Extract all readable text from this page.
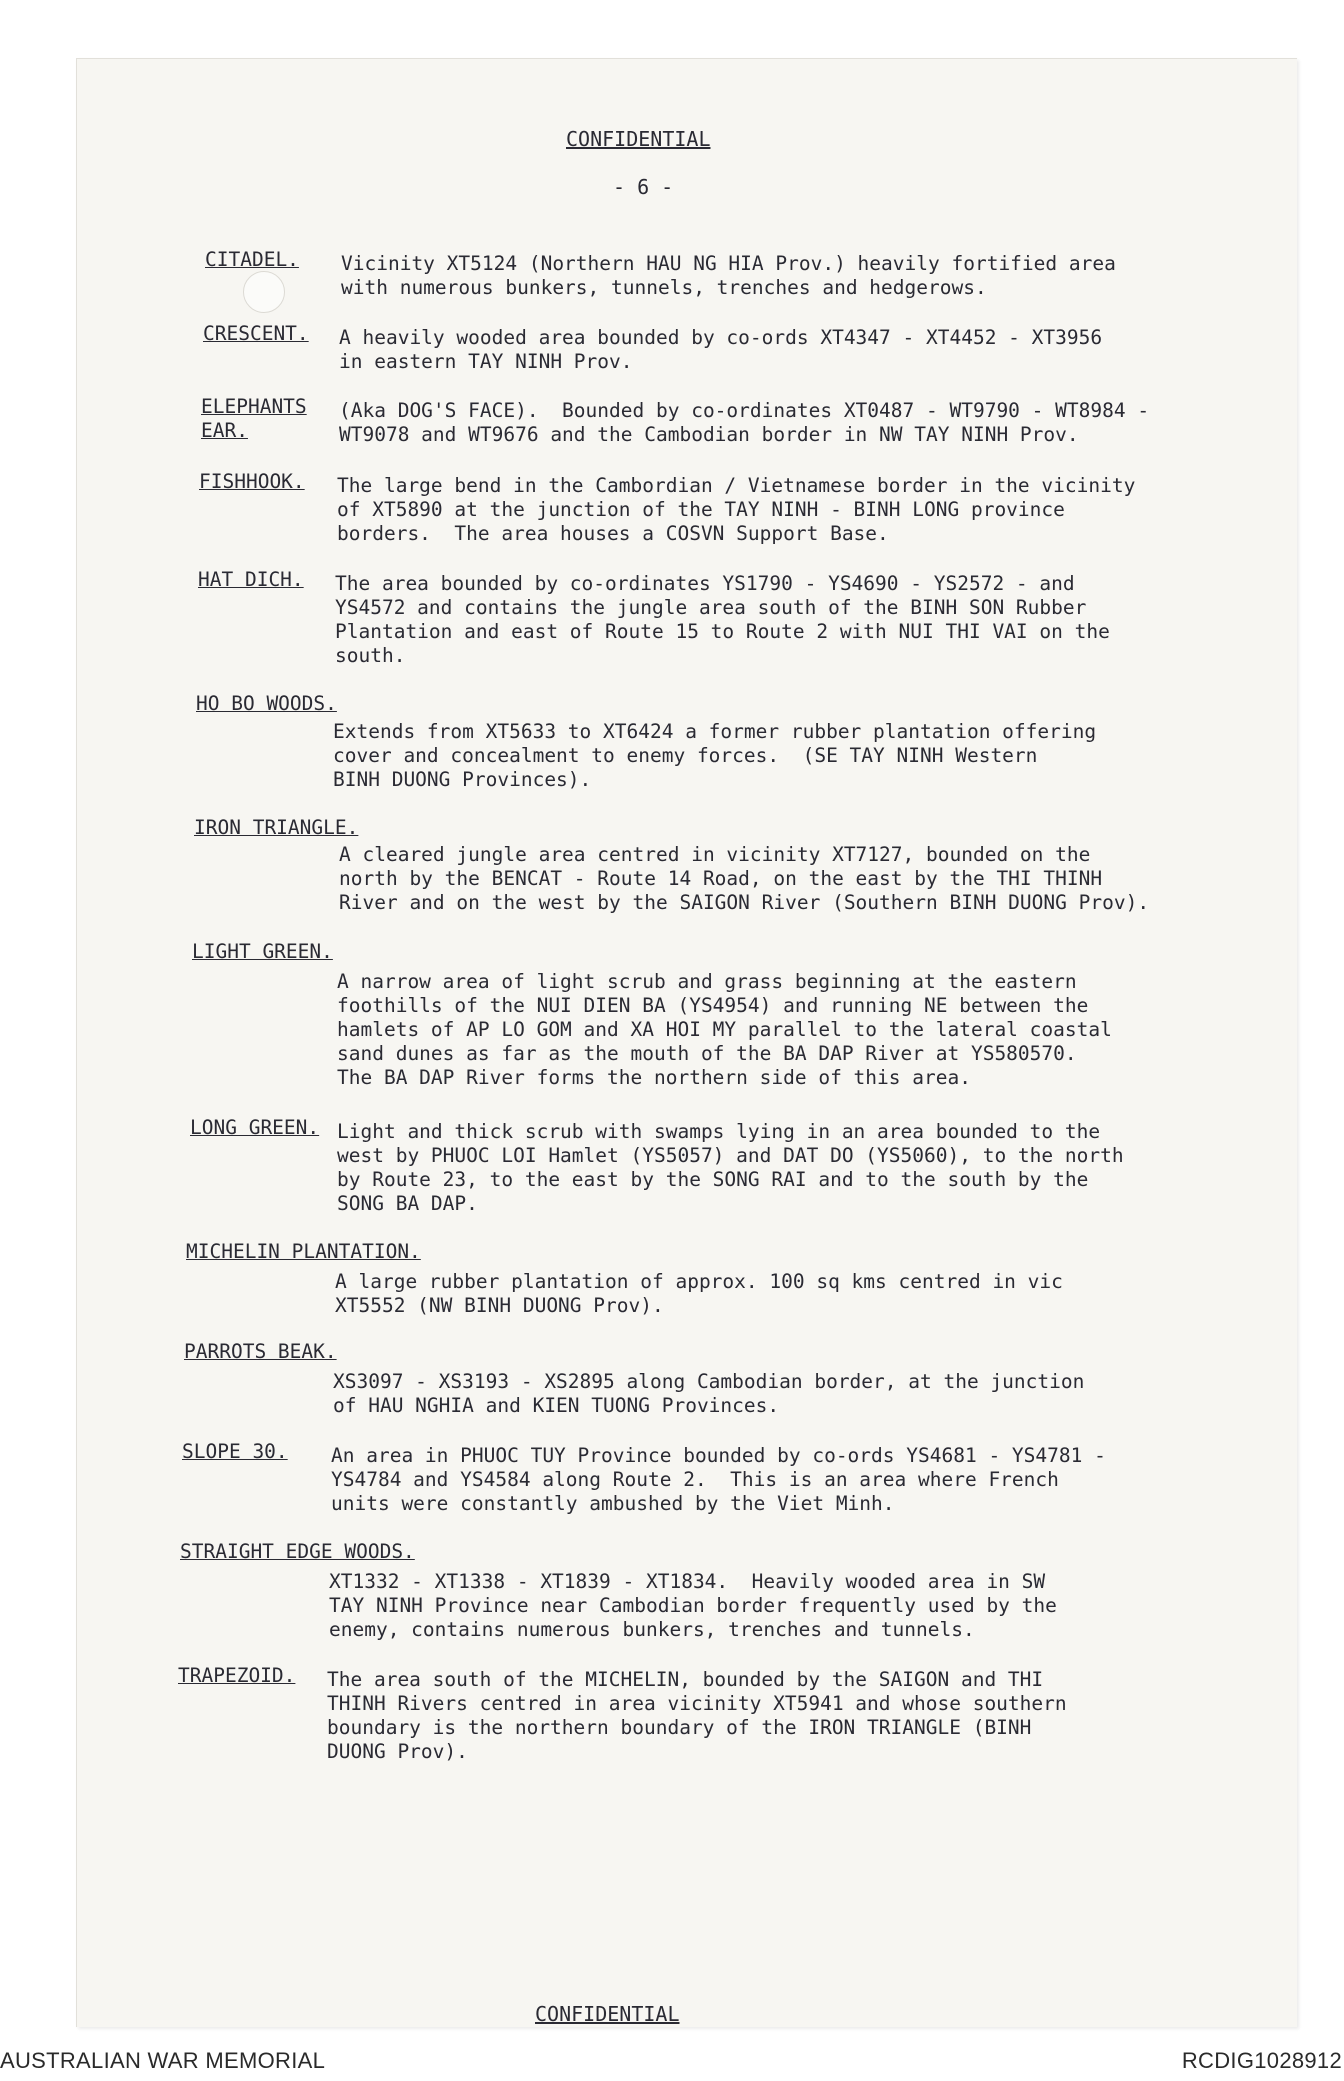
CONFIDENTIAL
- 6 -
CITADEL. Vicinity XT5124 (Northern HAU NG HIA Prov.) heavily fortified area
with numerous bunkers, tunnels, trenches and hedgerows.
CRESCENT. A heavily wooded area bounded by co-ords XT4347 - XT4452 - XT3956
in eastern TAY NINH Prov.
ELEPHANTS
EAR.
(Aka DOG'S FACE).  Bounded by co-ordinates XT0487 - WT9790 - WT8984 -
WT9078 and WT9676 and the Cambodian border in NW TAY NINH Prov.
FISHHOOK. The large bend in the Cambordian / Vietnamese border in the vicinity
of XT5890 at the junction of the TAY NINH - BINH LONG province
borders.  The area houses a COSVN Support Base.
HAT DICH. The area bounded by co-ordinates YS1790 - YS4690 - YS2572 - and
YS4572 and contains the jungle area south of the BINH SON Rubber
Plantation and east of Route 15 to Route 2 with NUI THI VAI on the
south.
HO BO WOODS.
Extends from XT5633 to XT6424 a former rubber plantation offering
cover and concealment to enemy forces.  (SE TAY NINH Western
BINH DUONG Provinces).
IRON TRIANGLE.
A cleared jungle area centred in vicinity XT7127, bounded on the
north by the BENCAT - Route 14 Road, on the east by the THI THINH
River and on the west by the SAIGON River (Southern BINH DUONG Prov).
LIGHT GREEN.
A narrow area of light scrub and grass beginning at the eastern
foothills of the NUI DIEN BA (YS4954) and running NE between the
hamlets of AP LO GOM and XA HOI MY parallel to the lateral coastal
sand dunes as far as the mouth of the BA DAP River at YS580570.
The BA DAP River forms the northern side of this area.
LONG GREEN. Light and thick scrub with swamps lying in an area bounded to the
west by PHUOC LOI Hamlet (YS5057) and DAT DO (YS5060), to the north
by Route 23, to the east by the SONG RAI and to the south by the
SONG BA DAP.
MICHELIN PLANTATION.
A large rubber plantation of approx. 100 sq kms centred in vic
XT5552 (NW BINH DUONG Prov).
PARROTS BEAK.
XS3097 - XS3193 - XS2895 along Cambodian border, at the junction
of HAU NGHIA and KIEN TUONG Provinces.
SLOPE 30. An area in PHUOC TUY Province bounded by co-ords YS4681 - YS4781 -
YS4784 and YS4584 along Route 2.  This is an area where French
units were constantly ambushed by the Viet Minh.
STRAIGHT EDGE WOODS.
XT1332 - XT1338 - XT1839 - XT1834.  Heavily wooded area in SW
TAY NINH Province near Cambodian border frequently used by the
enemy, contains numerous bunkers, trenches and tunnels.
TRAPEZOID. The area south of the MICHELIN, bounded by the SAIGON and THI
THINH Rivers centred in area vicinity XT5941 and whose southern
boundary is the northern boundary of the IRON TRIANGLE (BINH
DUONG Prov).
CONFIDENTIAL
AUSTRALIAN WAR MEMORIAL	RCDIG1028912
